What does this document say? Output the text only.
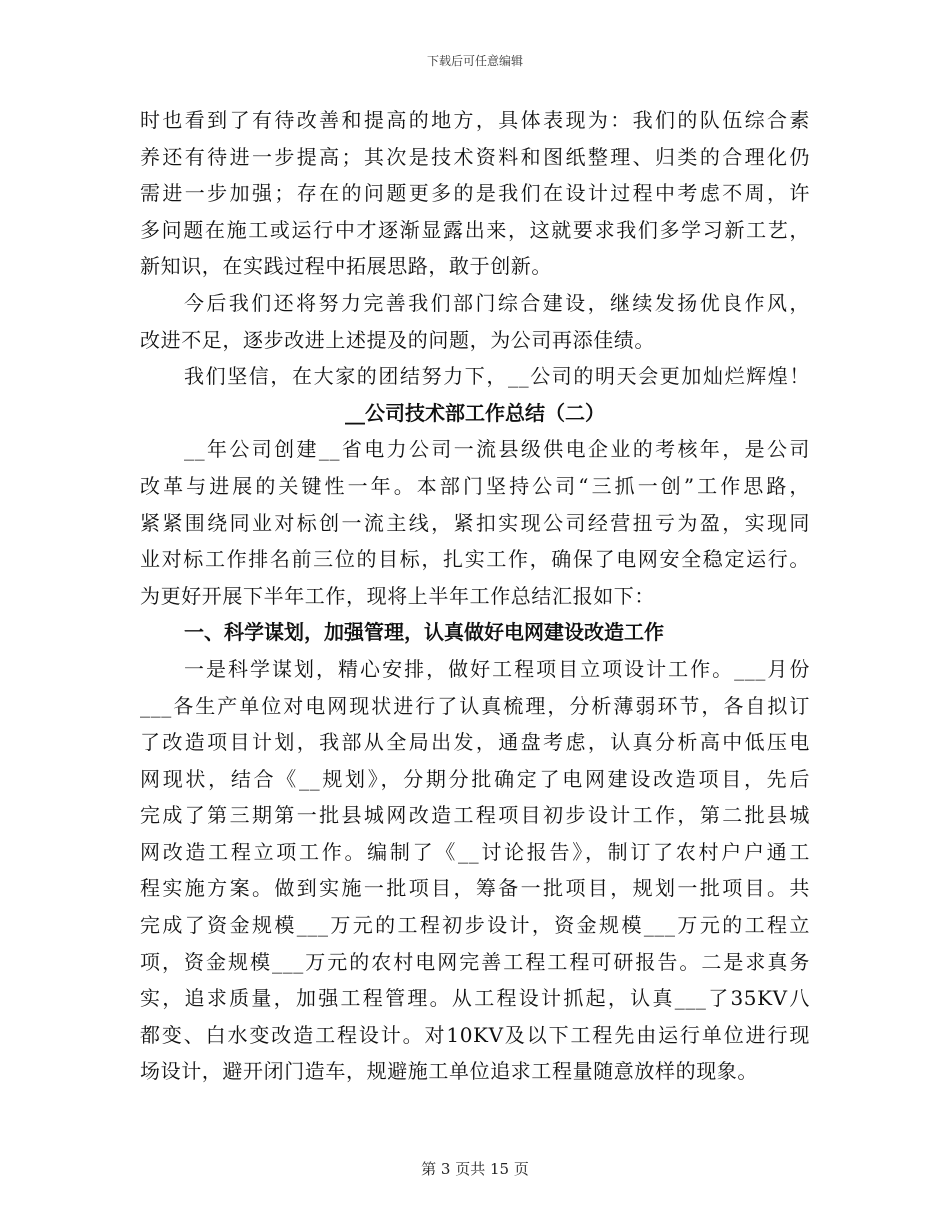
下载后可任意编辑
时也看到了有待改善和提高的地方，具体表现为：我们的队伍综合素
养还有待进一步提高；其次是技术资料和图纸整理、归类的合理化仍
需进一步加强；存在的问题更多的是我们在设计过程中考虑不周，许
多问题在施工或运行中才逐渐显露出来，这就要求我们多学习新工艺，
新知识，在实践过程中拓展思路，敢于创新。
今后我们还将努力完善我们部门综合建设，继续发扬优良作风，
改进不足，逐步改进上述提及的问题，为公司再添佳绩。
我们坚信，在大家的团结努力下，__公司的明天会更加灿烂辉煌！
__公司技术部工作总结（二）
__年公司创建__省电力公司一流县级供电企业的考核年，是公司
改革与进展的关键性一年。本部门坚持公司“三抓一创”工作思路，
紧紧围绕同业对标创一流主线，紧扣实现公司经营扭亏为盈，实现同
业对标工作排名前三位的目标，扎实工作，确保了电网安全稳定运行。
为更好开展下半年工作，现将上半年工作总结汇报如下：
一、科学谋划，加强管理，认真做好电网建设改造工作
一是科学谋划，精心安排，做好工程项目立项设计工作。___月份
___各生产单位对电网现状进行了认真梳理，分析薄弱环节，各自拟订
了改造项目计划，我部从全局出发，通盘考虑，认真分析高中低压电
网现状，结合《__规划》，分期分批确定了电网建设改造项目，先后
完成了第三期第一批县城网改造工程项目初步设计工作，第二批县城
网改造工程立项工作。编制了《__讨论报告》，制订了农村户户通工
程实施方案。做到实施一批项目，筹备一批项目，规划一批项目。共
完成了资金规模___万元的工程初步设计，资金规模___万元的工程立
项，资金规模___万元的农村电网完善工程工程可研报告。二是求真务
实，追求质量，加强工程管理。从工程设计抓起，认真___了35KV八
都变、白水变改造工程设计。对10KV及以下工程先由运行单位进行现
场设计，避开闭门造车，规避施工单位追求工程量随意放样的现象。
第 3 页共 15 页
